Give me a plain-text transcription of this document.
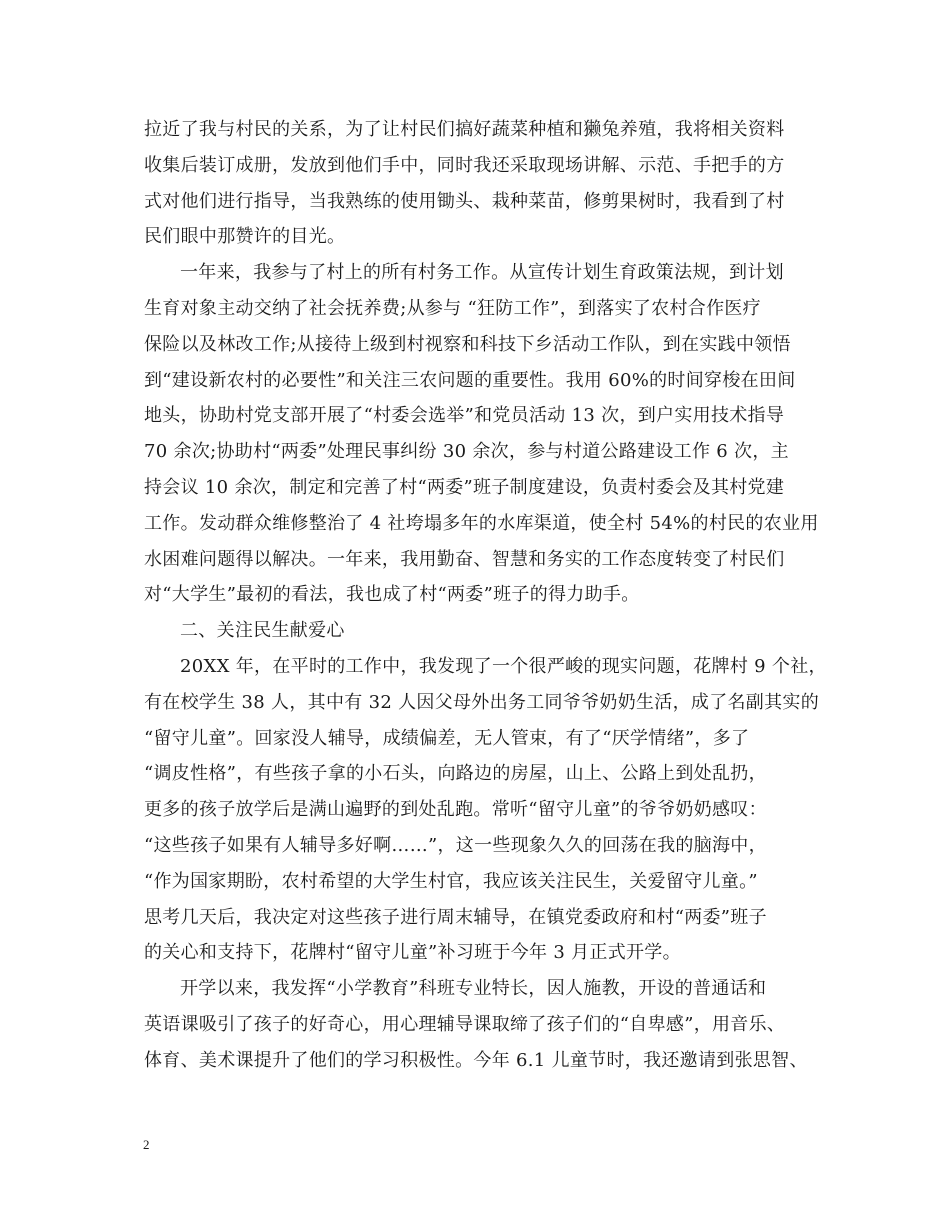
拉近了我与村民的关系，为了让村民们搞好蔬菜种植和獭兔养殖，我将相关资料
收集后装订成册，发放到他们手中，同时我还采取现场讲解、示范、手把手的方
式对他们进行指导，当我熟练的使用锄头、栽种菜苗，修剪果树时，我看到了村
民们眼中那赞许的目光。
一年来，我参与了村上的所有村务工作。从宣传计划生育政策法规，到计划
生育对象主动交纳了社会抚养费;从参与 “狂防工作”，到落实了农村合作医疗
保险以及林改工作;从接待上级到村视察和科技下乡活动工作队，到在实践中领悟
到“建设新农村的必要性”和关注三农问题的重要性。我用 60%的时间穿梭在田间
地头，协助村党支部开展了“村委会选举”和党员活动 13 次，到户实用技术指导
70 余次;协助村“两委”处理民事纠纷 30 余次，参与村道公路建设工作 6 次，主
持会议 10 余次，制定和完善了村“两委”班子制度建设，负责村委会及其村党建
工作。发动群众维修整治了 4 社垮塌多年的水库渠道，使全村 54%的村民的农业用
水困难问题得以解决。一年来，我用勤奋、智慧和务实的工作态度转变了村民们
对“大学生”最初的看法，我也成了村“两委”班子的得力助手。
二、关注民生献爱心
20XX 年，在平时的工作中，我发现了一个很严峻的现实问题，花牌村 9 个社，
有在校学生 38 人，其中有 32 人因父母外出务工同爷爷奶奶生活，成了名副其实的
“留守儿童”。回家没人辅导，成绩偏差，无人管束，有了“厌学情绪”，多了
“调皮性格”，有些孩子拿的小石头，向路边的房屋，山上、公路上到处乱扔，
更多的孩子放学后是满山遍野的到处乱跑。常听“留守儿童”的爷爷奶奶感叹：
“这些孩子如果有人辅导多好啊……”，这一些现象久久的回荡在我的脑海中，
“作为国家期盼，农村希望的大学生村官，我应该关注民生，关爱留守儿童。”
思考几天后，我决定对这些孩子进行周末辅导，在镇党委政府和村“两委”班子
的关心和支持下，花牌村“留守儿童”补习班于今年 3 月正式开学。
开学以来，我发挥“小学教育”科班专业特长，因人施教，开设的普通话和
英语课吸引了孩子的好奇心，用心理辅导课取缔了孩子们的“自卑感”，用音乐、
体育、美术课提升了他们的学习积极性。今年 6.1 儿童节时，我还邀请到张思智、
2
